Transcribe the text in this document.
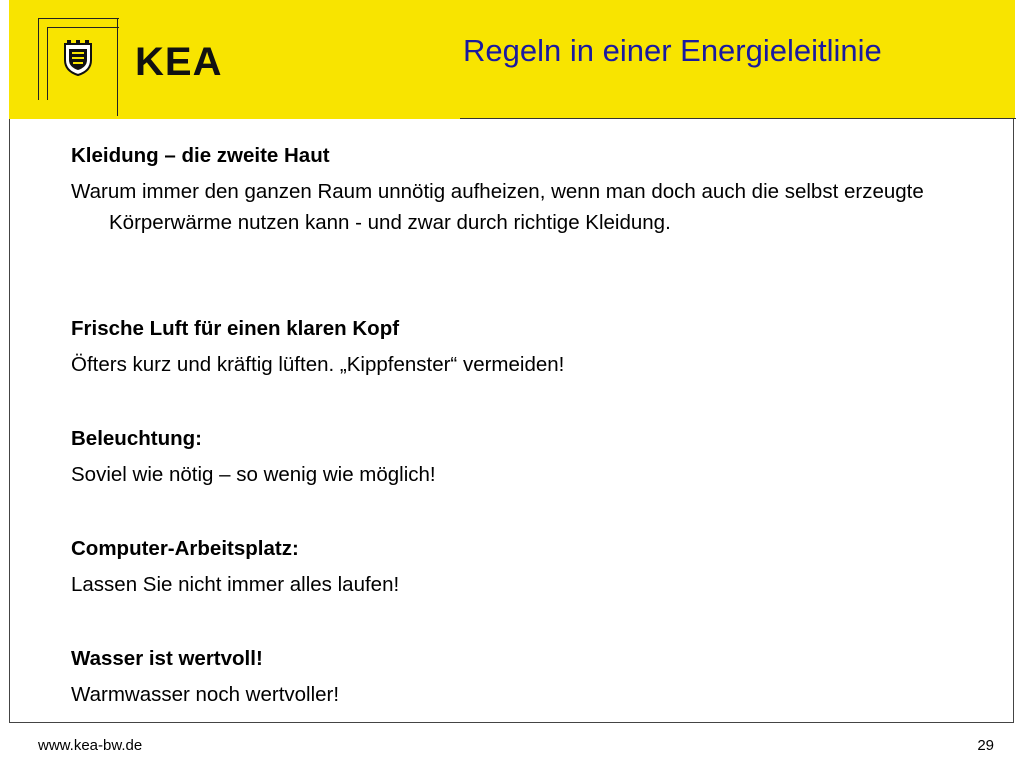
KEA	Regeln in einer Energieleitlinie
Kleidung – die zweite Haut
Warum immer den ganzen Raum unnötig aufheizen, wenn man doch auch die selbst erzeugte Körperwärme nutzen kann - und zwar durch richtige Kleidung.
Frische Luft für einen klaren Kopf
Öfters kurz und kräftig lüften. „Kippfenster“ vermeiden!
Beleuchtung:
Soviel wie nötig – so wenig wie möglich!
Computer-Arbeitsplatz:
Lassen Sie nicht immer alles laufen!
Wasser ist wertvoll!
Warmwasser noch wertvoller!
www.kea-bw.de	29
